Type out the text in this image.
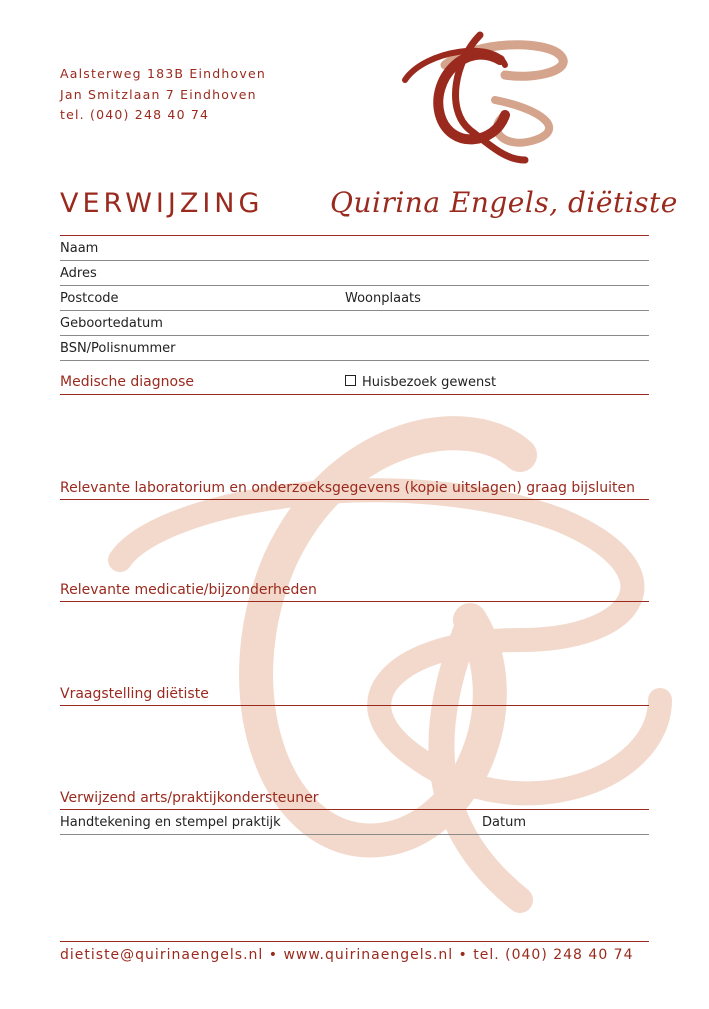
Aalsterweg 183B Eindhoven
Jan Smitzlaan 7 Eindhoven
tel. (040) 248 40 74
VERWIJZING Quirina Engels, diëtiste
Naam
Adres
Postcode	Woonplaats
Geboortedatum
BSN/Polisnummer
Medische diagnose	Huisbezoek gewenst
Relevante laboratorium en onderzoeksgegevens (kopie uitslagen) graag bijsluiten
Relevante medicatie/bijzonderheden
Vraagstelling diëtiste
Verwijzend arts/praktijkondersteuner
Handtekening en stempel praktijk	Datum
dietiste@quirinaengels.nl • www.quirinaengels.nl • tel. (040) 248 40 74
